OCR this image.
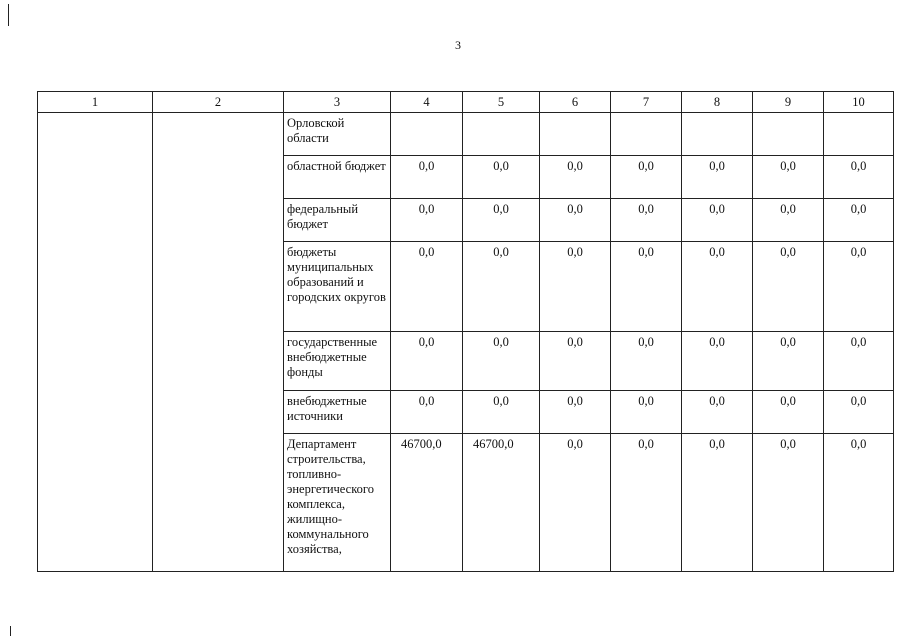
3
1	2	3	4	5	6	7	8	9	10
		Орловской области							
		областной бюджет	0,0	0,0	0,0	0,0	0,0	0,0	0,0
		федеральный бюджет	0,0	0,0	0,0	0,0	0,0	0,0	0,0
		бюджеты муниципальных образований и городских округов	0,0	0,0	0,0	0,0	0,0	0,0	0,0
		государственные внебюджетные фонды	0,0	0,0	0,0	0,0	0,0	0,0	0,0
		внебюджетные источники	0,0	0,0	0,0	0,0	0,0	0,0	0,0
		Департамент строительства, топливно-энергетического комплекса, жилищно-коммунального хозяйства,	46700,0	46700,0	0,0	0,0	0,0	0,0	0,0
